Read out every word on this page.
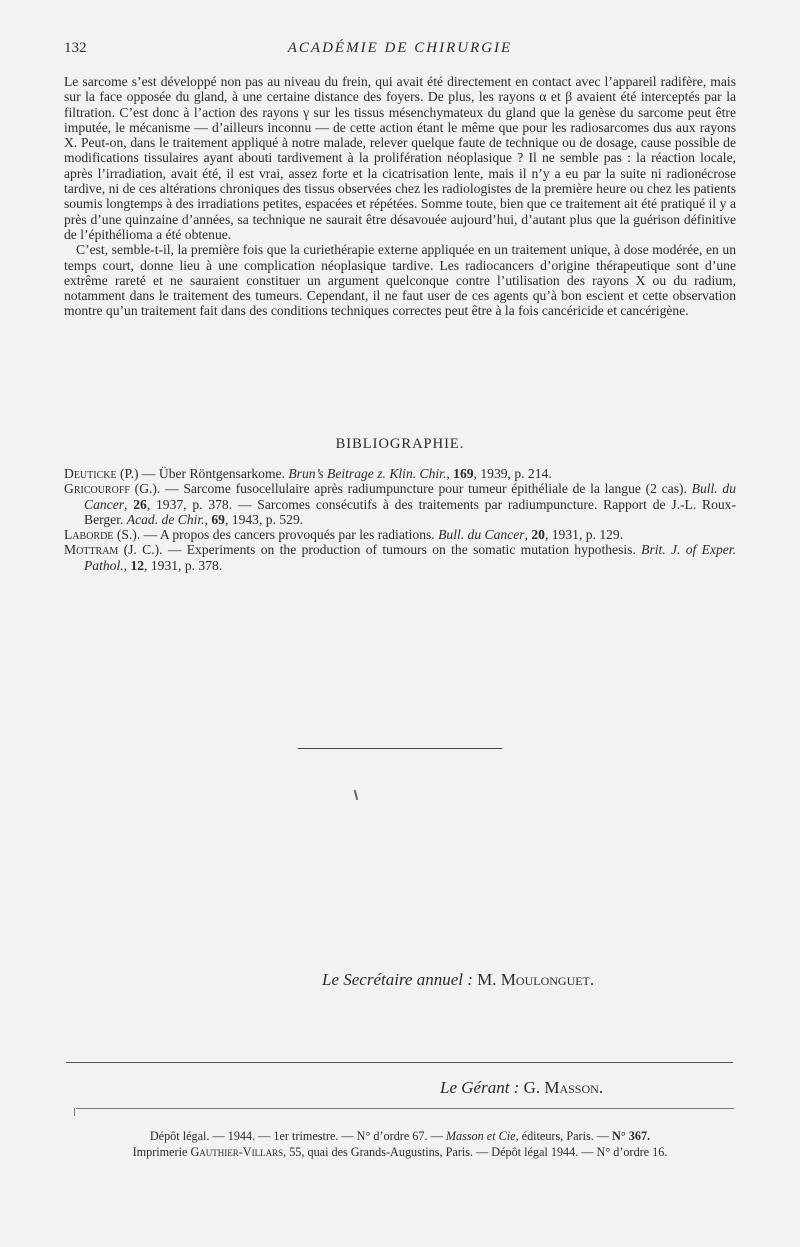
132	ACADÉMIE DE CHIRURGIE

Le sarcome s’est développé non pas au niveau du frein, qui avait été directement en contact avec l’appareil radifère, mais sur la face opposée du gland, à une certaine distance des foyers. De plus, les rayons α et β avaient été interceptés par la filtration. C’est donc à l’action des rayons γ sur les tissus mésenchymateux du gland que la genèse du sarcome peut être imputée, le mécanisme — d’ailleurs inconnu — de cette action étant le même que pour les radiosarcomes dus aux rayons X. Peut-on, dans le traitement appliqué à notre malade, relever quelque faute de technique ou de dosage, cause possible de modifications tissulaires ayant abouti tardivement à la prolifération néoplasique ? Il ne semble pas : la réaction locale, après l’irradiation, avait été, il est vrai, assez forte et la cicatrisation lente, mais il n’y a eu par la suite ni radionécrose tardive, ni de ces altérations chroniques des tissus observées chez les radiologistes de la première heure ou chez les patients soumis longtemps à des irradiations petites, espacées et répétées. Somme toute, bien que ce traitement ait été pratiqué il y a près d’une quinzaine d’années, sa technique ne saurait être désavouée aujourd’hui, d’autant plus que la guérison définitive de l’épithélioma a été obtenue.

C’est, semble-t-il, la première fois que la curiethérapie externe appliquée en un traitement unique, à dose modérée, en un temps court, donne lieu à une complication néoplasique tardive. Les radiocancers d’origine thérapeutique sont d’une extrême rareté et ne sauraient constituer un argument quelconque contre l’utilisation des rayons X ou du radium, notamment dans le traitement des tumeurs. Cependant, il ne faut user de ces agents qu’à bon escient et cette observation montre qu’un traitement fait dans des conditions techniques correctes peut être à la fois cancéricide et cancérigène.

BIBLIOGRAPHIE.

Deuticke (P.) — Über Röntgensarkome. Brun’s Beitrage z. Klin. Chir., 169, 1939, p. 214.

Gricouroff (G.). — Sarcome fusocellulaire après radiumpuncture pour tumeur épithéliale de la langue (2 cas). Bull. du Cancer, 26, 1937, p. 378. — Sarcomes consécutifs à des traitements par radiumpuncture. Rapport de J.-L. Roux-Berger. Acad. de Chir., 69, 1943, p. 529.

Laborde (S.). — A propos des cancers provoqués par les radiations. Bull. du Cancer, 20, 1931, p. 129.

Mottram (J. C.). — Experiments on the production of tumours on the somatic mutation hypothesis. Brit. J. of Exper. Pathol., 12, 1931, p. 378.

Le Secrétaire annuel : M. Moulonguet.
Le Gérant : G. Masson.
Dépôt légal. — 1944. — 1er trimestre. — N° d’ordre 67. — Masson et Cie, éditeurs, Paris. — N° 367.
Imprimerie Gauthier-Villars, 55, quai des Grands-Augustins, Paris. — Dépôt légal 1944. — N° d’ordre 16.
